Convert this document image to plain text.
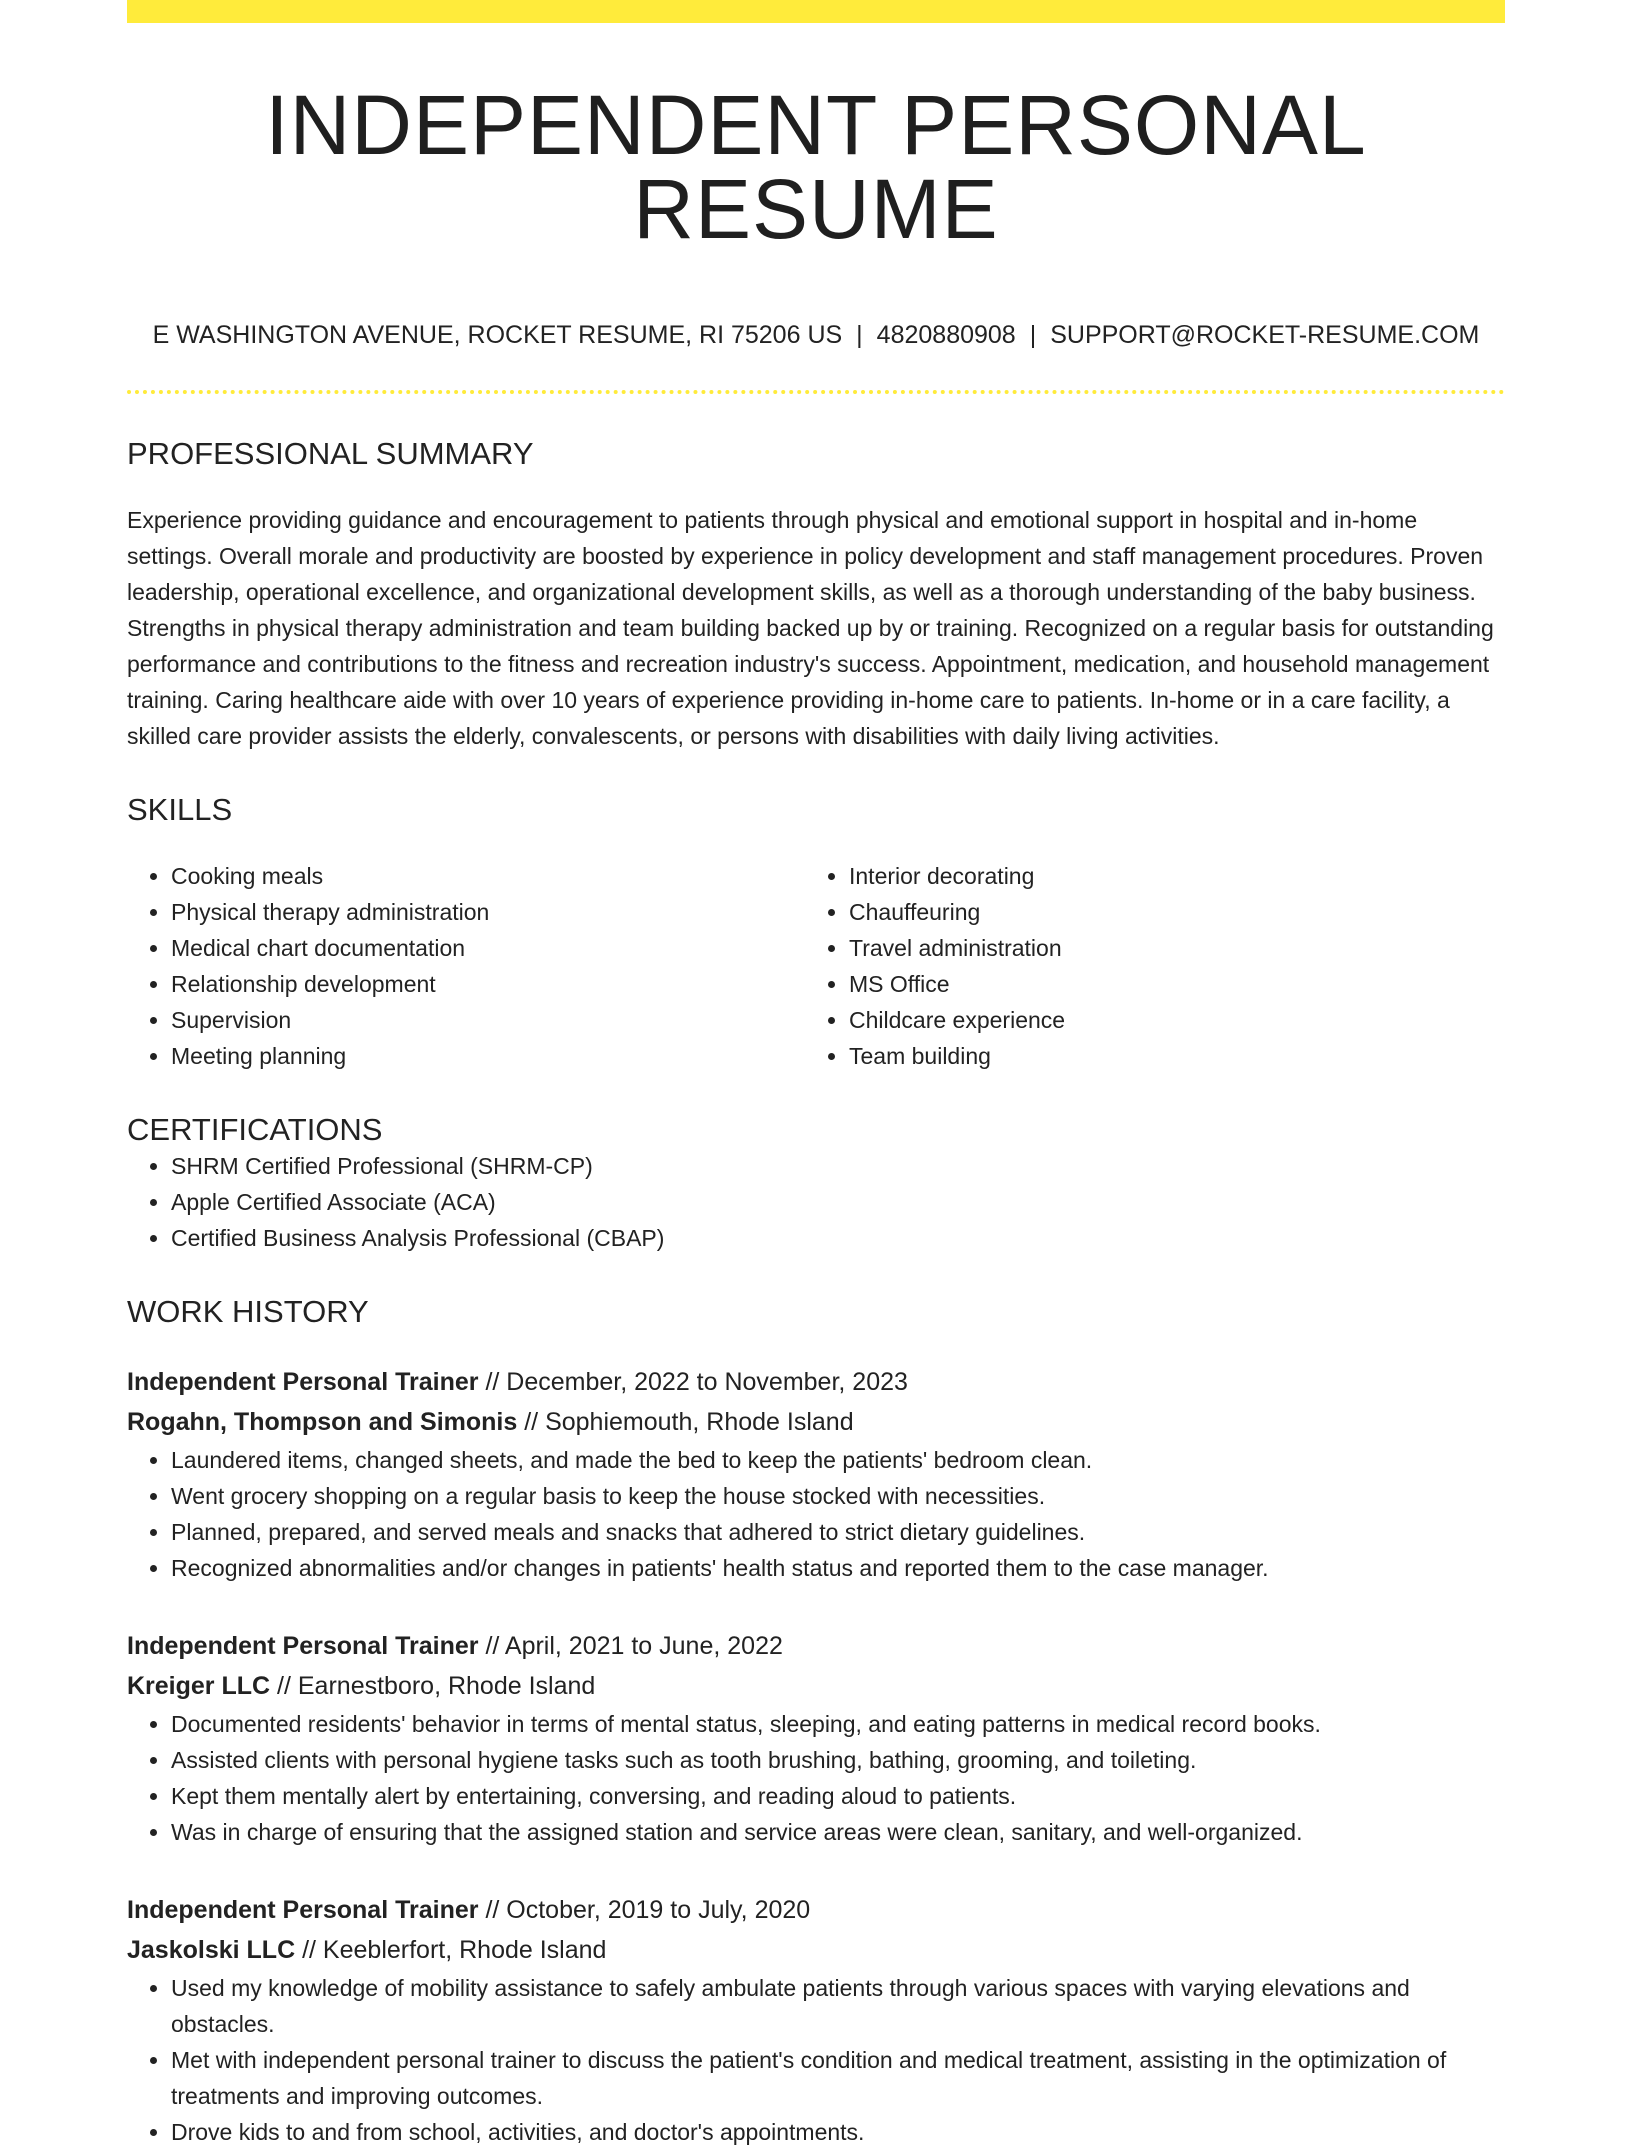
INDEPENDENT PERSONAL RESUME
E WASHINGTON AVENUE, ROCKET RESUME, RI 75206 US | 4820880908 | SUPPORT@ROCKET-RESUME.COM
PROFESSIONAL SUMMARY
Experience providing guidance and encouragement to patients through physical and emotional support in hospital and in-home settings. Overall morale and productivity are boosted by experience in policy development and staff management procedures. Proven leadership, operational excellence, and organizational development skills, as well as a thorough understanding of the baby business. Strengths in physical therapy administration and team building backed up by or training. Recognized on a regular basis for outstanding performance and contributions to the fitness and recreation industry's success. Appointment, medication, and household management training. Caring healthcare aide with over 10 years of experience providing in-home care to patients. In-home or in a care facility, a skilled care provider assists the elderly, convalescents, or persons with disabilities with daily living activities.
SKILLS
• Cooking meals
• Physical therapy administration
• Medical chart documentation
• Relationship development
• Supervision
• Meeting planning
• Interior decorating
• Chauffeuring
• Travel administration
• MS Office
• Childcare experience
• Team building
CERTIFICATIONS
• SHRM Certified Professional (SHRM-CP)
• Apple Certified Associate (ACA)
• Certified Business Analysis Professional (CBAP)
WORK HISTORY
Independent Personal Trainer // December, 2022 to November, 2023
Rogahn, Thompson and Simonis // Sophiemouth, Rhode Island
• Laundered items, changed sheets, and made the bed to keep the patients' bedroom clean.
• Went grocery shopping on a regular basis to keep the house stocked with necessities.
• Planned, prepared, and served meals and snacks that adhered to strict dietary guidelines.
• Recognized abnormalities and/or changes in patients' health status and reported them to the case manager.
Independent Personal Trainer // April, 2021 to June, 2022
Kreiger LLC // Earnestboro, Rhode Island
• Documented residents' behavior in terms of mental status, sleeping, and eating patterns in medical record books.
• Assisted clients with personal hygiene tasks such as tooth brushing, bathing, grooming, and toileting.
• Kept them mentally alert by entertaining, conversing, and reading aloud to patients.
• Was in charge of ensuring that the assigned station and service areas were clean, sanitary, and well-organized.
Independent Personal Trainer // October, 2019 to July, 2020
Jaskolski LLC // Keeblerfort, Rhode Island
• Used my knowledge of mobility assistance to safely ambulate patients through various spaces with varying elevations and obstacles.
• Met with independent personal trainer to discuss the patient's condition and medical treatment, assisting in the optimization of treatments and improving outcomes.
• Drove kids to and from school, activities, and doctor's appointments.
